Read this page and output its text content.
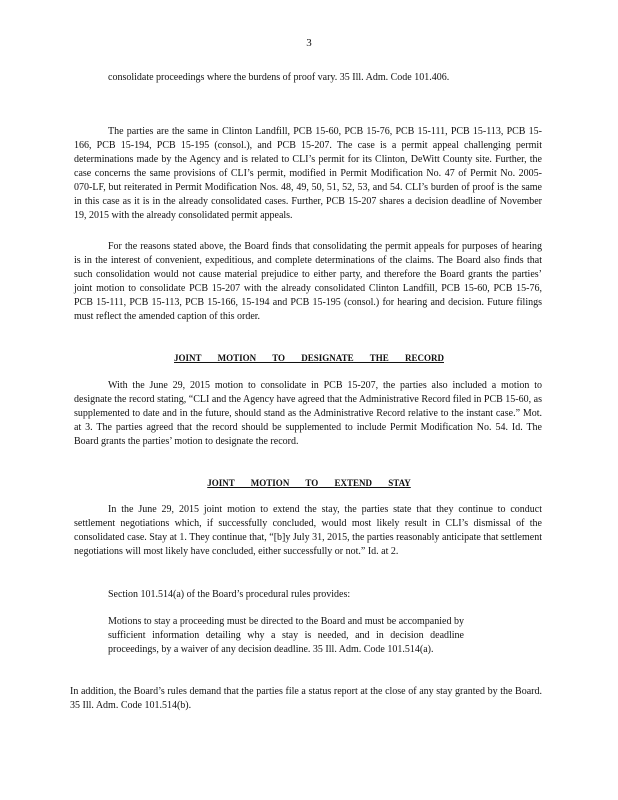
3

consolidate proceedings where the burdens of proof vary. 35 Ill. Adm. Code 101.406.

The parties are the same in Clinton Landfill, PCB 15-60, PCB 15-76, PCB 15-111, PCB 15-113, PCB 15-166, PCB 15-194, PCB 15-195 (consol.), and PCB 15-207. The case is a permit appeal challenging permit determinations made by the Agency and is related to CLI’s permit for its Clinton, DeWitt County site. Further, the case concerns the same provisions of CLI’s permit, modified in Permit Modification No. 47 of Permit No. 2005-070-LF, but reiterated in Permit Modification Nos. 48, 49, 50, 51, 52, 53, and 54. CLI’s burden of proof is the same in this case as it is in the already consolidated cases. Further, PCB 15-207 shares a decision deadline of November 19, 2015 with the already consolidated permit appeals.

For the reasons stated above, the Board finds that consolidating the permit appeals for purposes of hearing is in the interest of convenient, expeditious, and complete determinations of the claims. The Board also finds that such consolidation would not cause material prejudice to either party, and therefore the Board grants the parties’ joint motion to consolidate PCB 15-207 with the already consolidated Clinton Landfill, PCB 15-60, PCB 15-76, PCB 15-111, PCB 15-113, PCB 15-166, 15-194 and PCB 15-195 (consol.) for hearing and decision. Future filings must reflect the amended caption of this order.

JOINT MOTION TO DESIGNATE THE RECORD

With the June 29, 2015 motion to consolidate in PCB 15-207, the parties also included a motion to designate the record stating, “CLI and the Agency have agreed that the Administrative Record filed in PCB 15-60, as supplemented to date and in the future, should stand as the Administrative Record relative to the instant case.” Mot. at 3. The parties agreed that the record should be supplemented to include Permit Modification No. 54. Id. The Board grants the parties’ motion to designate the record.

JOINT MOTION TO EXTEND STAY

In the June 29, 2015 joint motion to extend the stay, the parties state that they continue to conduct settlement negotiations which, if successfully concluded, would most likely result in CLI’s dismissal of the consolidated case. Stay at 1. They continue that, “[b]y July 31, 2015, the parties reasonably anticipate that settlement negotiations will most likely have concluded, either successfully or not.” Id. at 2.

Section 101.514(a) of the Board’s procedural rules provides:

Motions to stay a proceeding must be directed to the Board and must be accompanied by sufficient information detailing why a stay is needed, and in decision deadline proceedings, by a waiver of any decision deadline. 35 Ill. Adm. Code 101.514(a).

In addition, the Board’s rules demand that the parties file a status report at the close of any stay granted by the Board. 35 Ill. Adm. Code 101.514(b).
